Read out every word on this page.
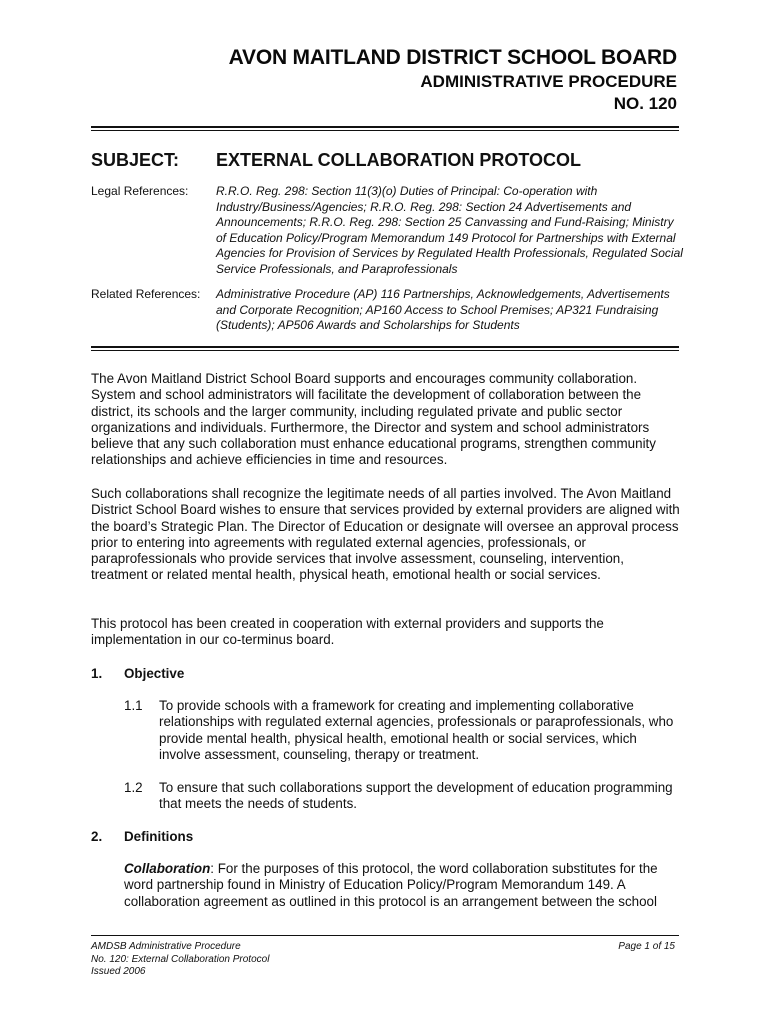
AVON MAITLAND DISTRICT SCHOOL BOARD
ADMINISTRATIVE PROCEDURE
NO. 120
SUBJECT: EXTERNAL COLLABORATION PROTOCOL
Legal References: R.R.O. Reg. 298: Section 11(3)(o) Duties of Principal: Co-operation with Industry/Business/Agencies; R.R.O. Reg. 298: Section 24 Advertisements and Announcements; R.R.O. Reg. 298: Section 25 Canvassing and Fund-Raising; Ministry of Education Policy/Program Memorandum 149 Protocol for Partnerships with External Agencies for Provision of Services by Regulated Health Professionals, Regulated Social Service Professionals, and Paraprofessionals
Related References: Administrative Procedure (AP) 116 Partnerships, Acknowledgements, Advertisements and Corporate Recognition; AP160 Access to School Premises; AP321 Fundraising (Students); AP506 Awards and Scholarships for Students

The Avon Maitland District School Board supports and encourages community collaboration. System and school administrators will facilitate the development of collaboration between the district, its schools and the larger community, including regulated private and public sector organizations and individuals. Furthermore, the Director and system and school administrators believe that any such collaboration must enhance educational programs, strengthen community relationships and achieve efficiencies in time and resources.

Such collaborations shall recognize the legitimate needs of all parties involved. The Avon Maitland District School Board wishes to ensure that services provided by external providers are aligned with the board’s Strategic Plan. The Director of Education or designate will oversee an approval process prior to entering into agreements with regulated external agencies, professionals, or paraprofessionals who provide services that involve assessment, counseling, intervention, treatment or related mental health, physical heath, emotional health or social services.

This protocol has been created in cooperation with external providers and supports the implementation in our co-terminus board.

1. Objective
1.1 To provide schools with a framework for creating and implementing collaborative relationships with regulated external agencies, professionals or paraprofessionals, who provide mental health, physical health, emotional health or social services, which involve assessment, counseling, therapy or treatment.

1.2 To ensure that such collaborations support the development of education programming that meets the needs of students.

2. Definitions

Collaboration: For the purposes of this protocol, the word collaboration substitutes for the word partnership found in Ministry of Education Policy/Program Memorandum 149. A collaboration agreement as outlined in this protocol is an arrangement between the school

AMDSB Administrative Procedure
No. 120: External Collaboration Protocol
Issued 2006
Page 1 of 15
